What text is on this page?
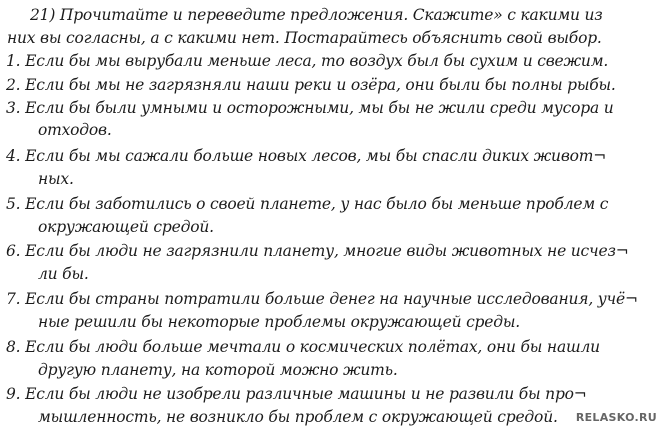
21) Прочитайте и переведите предложения. Скажите» с какими из
них вы согласны, а с какими нет. Постарайтесь объяснить свой выбор.
1. Если бы мы вырубали меньше леса, то воздух был бы сухим и свежим.
2. Если бы мы не загрязняли наши реки и озёра, они были бы полны рыбы.
3. Если бы были умными и осторожными, мы бы не жили среди мусора и
отходов.
4. Если бы мы сажали больше новых лесов, мы бы спасли диких живот¬
ных.
5. Если бы заботились о своей планете, у нас было бы меньше проблем с
окружающей средой.
6. Если бы люди не загрязнили планету, многие виды животных не исчез¬
ли бы.
7. Если бы страны потратили больше денег на научные исследования, учё¬
ные решили бы некоторые проблемы окружающей среды.
8. Если бы люди больше мечтали о космических полётах, они бы нашли
другую планету, на которой можно жить.
9. Если бы люди не изобрели различные машины и не развили бы про¬
мышленность, не возникло бы проблем с окружающей средой. RELASKO.RU
